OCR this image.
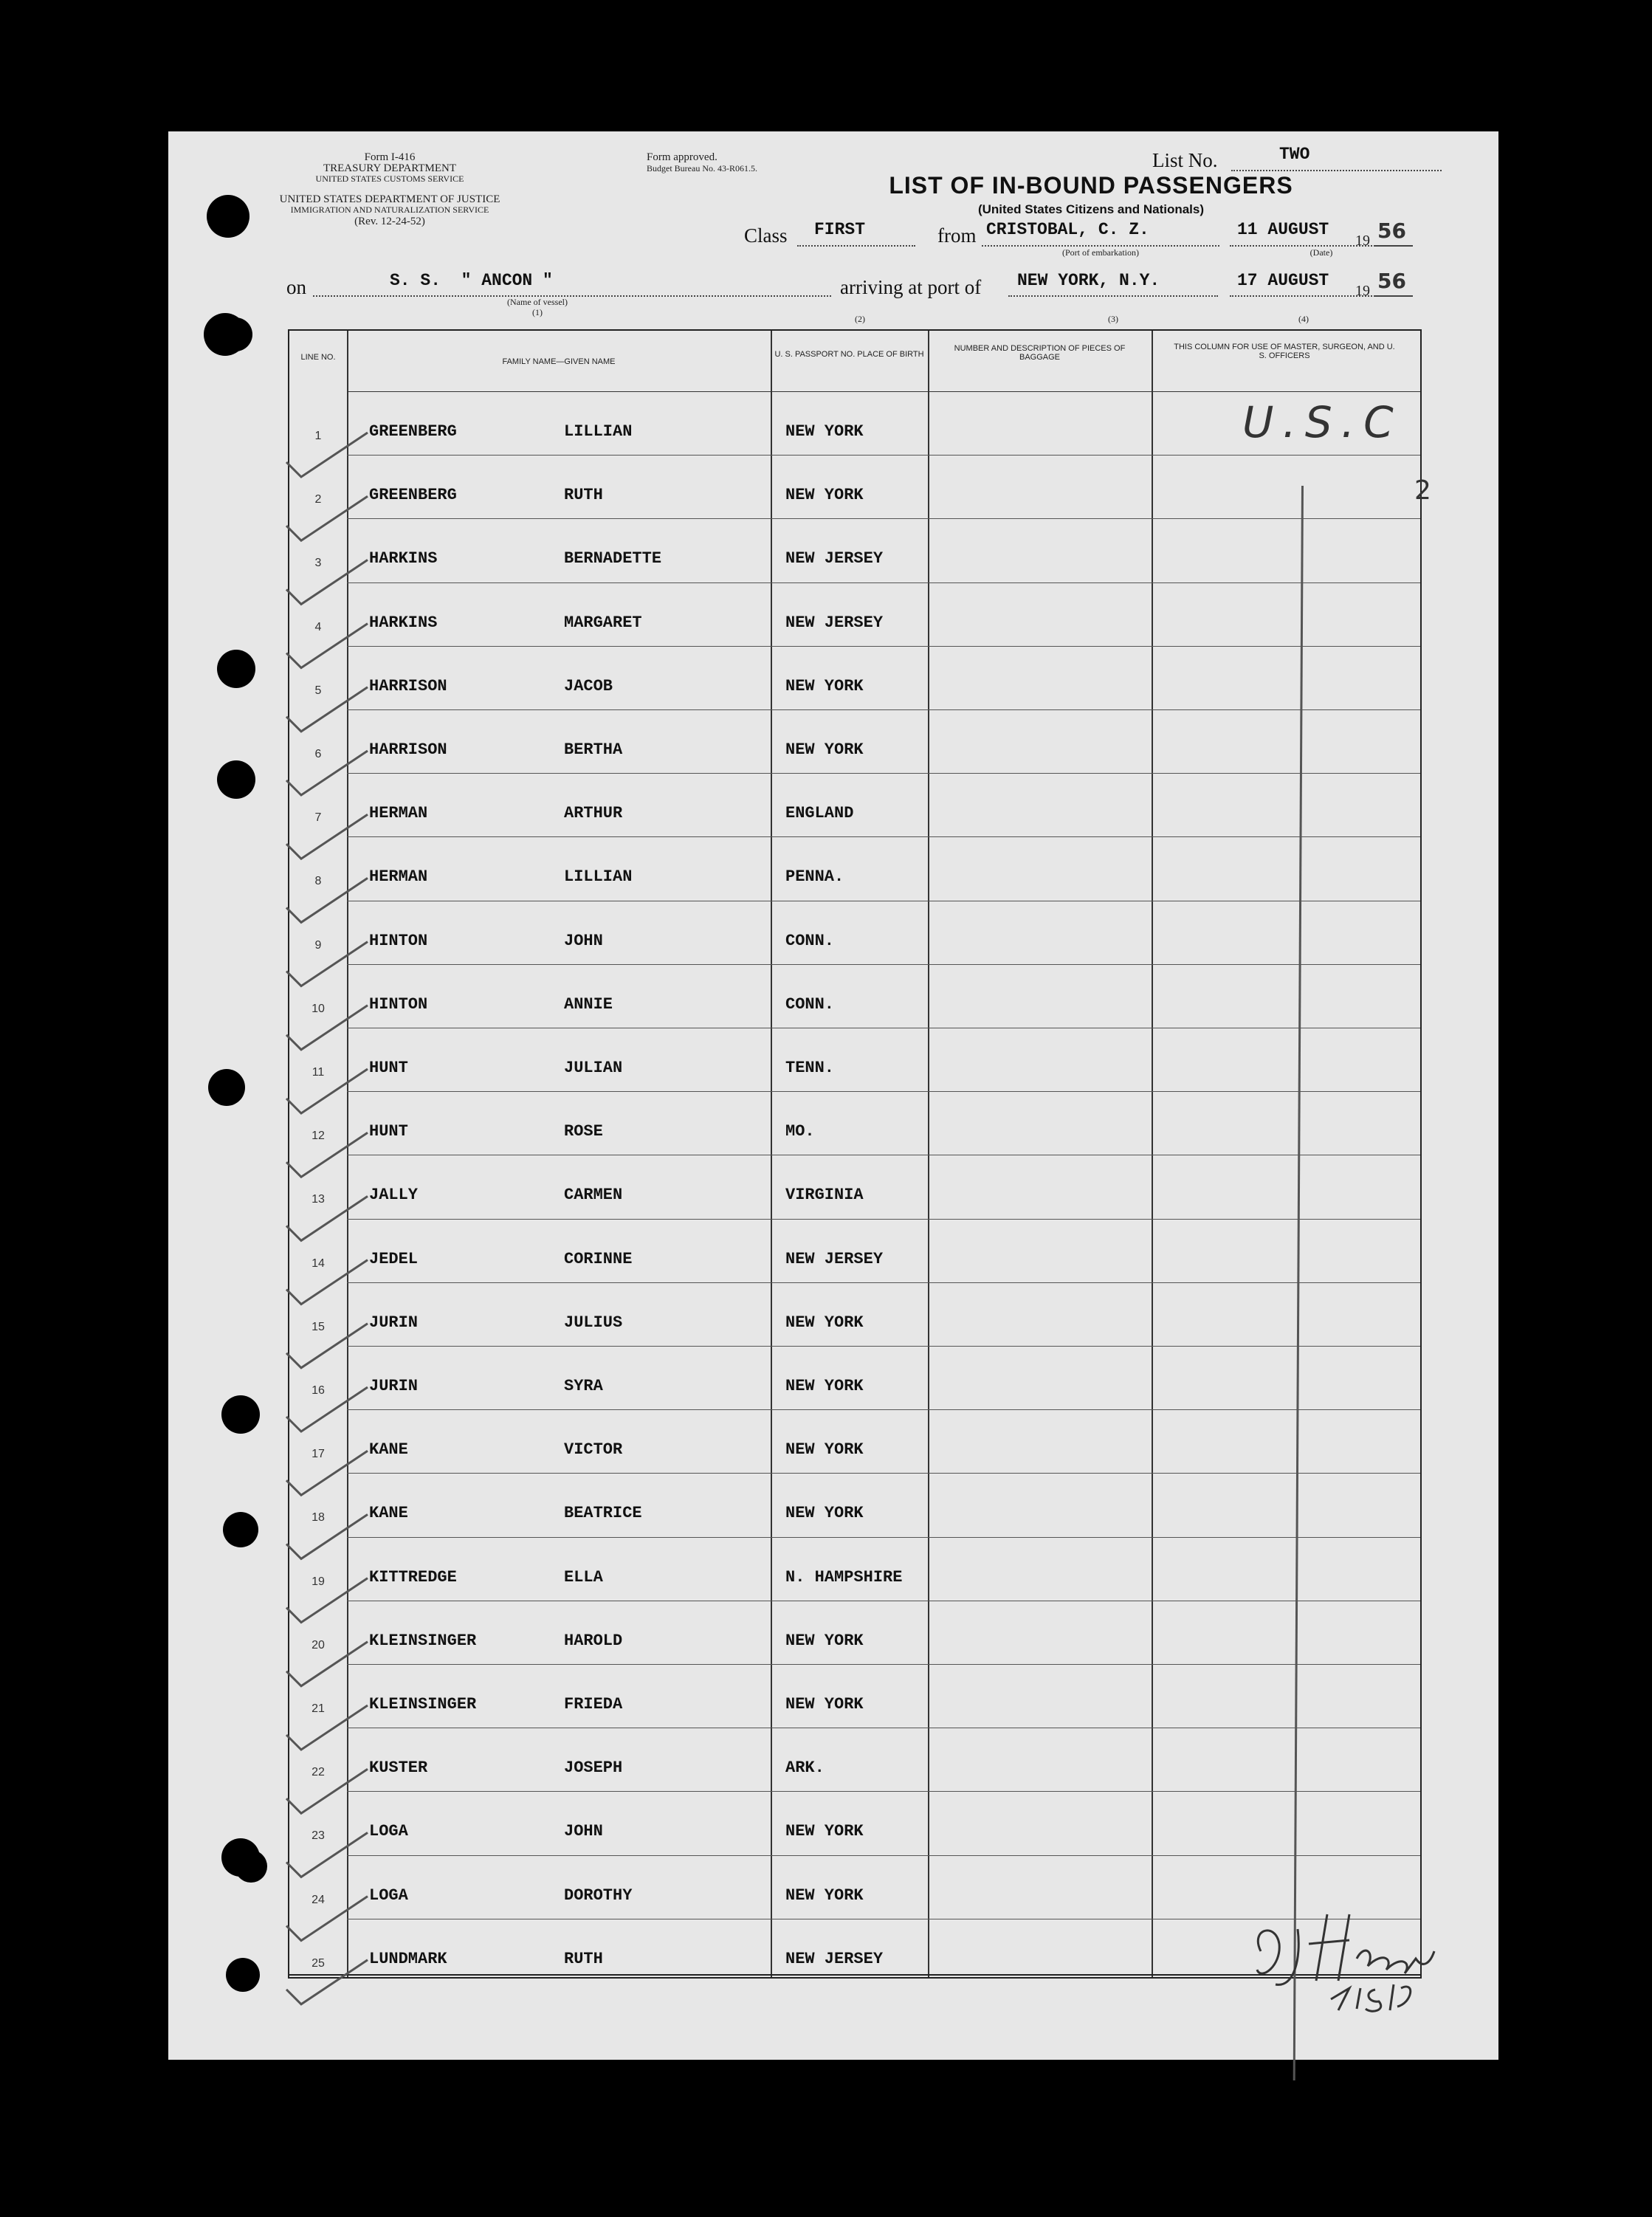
Form I-416
TREASURY DEPARTMENT
UNITED STATES CUSTOMS SERVICE
UNITED STATES DEPARTMENT OF JUSTICE
IMMIGRATION AND NATURALIZATION SERVICE
(Rev. 12-24-52)
Form approved.
Budget Bureau No. 43-R061.5.	List No.	TWO
LIST OF IN-BOUND PASSENGERS
(United States Citizens and Nationals)
Class FIRST	from CRISTOBAL, C. Z.
(Port of embarkation)
11 AUGUST
(Date)
19 56
on	S. S.  " ANCON "
(Name of vessel)
(1)
arriving at port of
(2)
NEW YORK, N.Y.
(3)
17 AUGUST
(4)
19 56
LINE NO.	FAMILY NAME—GIVEN NAME
U. S. PASSPORT NO. PLACE OF BIRTH
NUMBER AND DESCRIPTION OF PIECES OF BAGGAGE
THIS COLUMN FOR USE OF MASTER, SURGEON, AND U. S. OFFICERS
1	GREENBERG	LILLIAN	NEW YORK
2	GREENBERG	RUTH	NEW YORK
3	HARKINS	BERNADETTE	NEW JERSEY
4	HARKINS	MARGARET	NEW JERSEY
5	HARRISON	JACOB	NEW YORK
6	HARRISON	BERTHA	NEW YORK
7	HERMAN	ARTHUR	ENGLAND
8	HERMAN	LILLIAN	PENNA.
9	HINTON	JOHN	CONN.
10	HINTON	ANNIE	CONN.
11	HUNT	JULIAN	TENN.
12	HUNT	ROSE	MO.
13	JALLY	CARMEN	VIRGINIA
14	JEDEL	CORINNE	NEW JERSEY
15	JURIN	JULIUS	NEW YORK
16	JURIN	SYRA	NEW YORK
17	KANE	VICTOR	NEW YORK
18	KANE	BEATRICE	NEW YORK
19	KITTREDGE	ELLA	N. HAMPSHIRE
20	KLEINSINGER	HAROLD	NEW YORK
21	KLEINSINGER	FRIEDA	NEW YORK
22	KUSTER	JOSEPH	ARK.
23	LOGA	JOHN	NEW YORK
24	LOGA	DOROTHY	NEW YORK
25	LUNDMARK	RUTH	NEW JERSEY
U.S.C
2
